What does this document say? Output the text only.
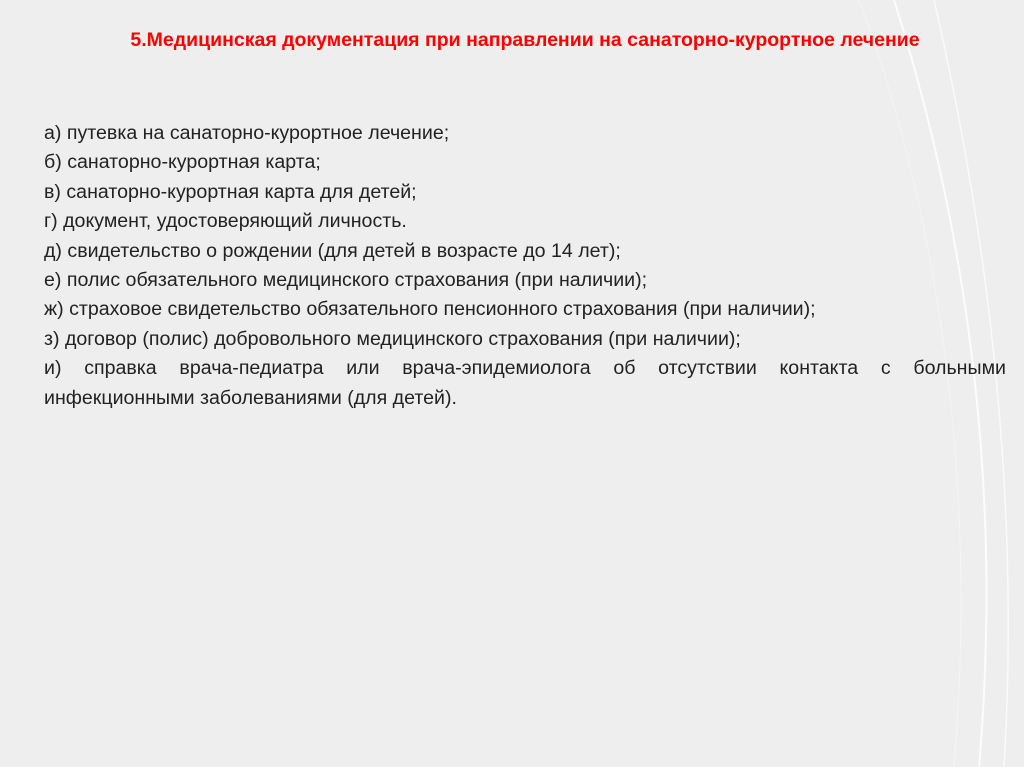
5.Медицинская документация при направлении на санаторно-курортное лечение

а) путевка на санаторно-курортное лечение;

б) санаторно-курортная карта;

в) санаторно-курортная карта для детей;

г) документ, удостоверяющий личность.

д) свидетельство о рождении (для детей в возрасте до 14 лет);

е) полис обязательного медицинского страхования (при наличии);

ж) страховое свидетельство обязательного пенсионного страхования (при наличии);

з) договор (полис) добровольного медицинского страхования (при наличии);

и) справка врача-педиатра или врача-эпидемиолога об отсутствии контакта с больными инфекционными заболеваниями (для детей).
